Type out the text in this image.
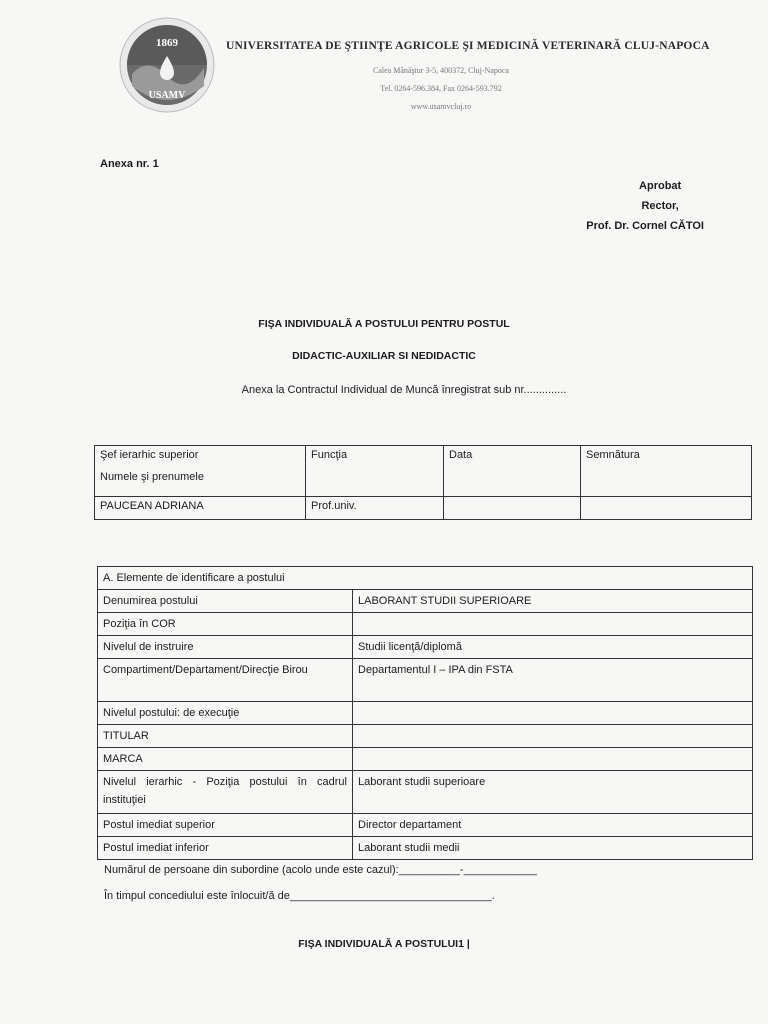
1869
USAMV
UNIVERSITATEA DE ŞTIINŢE AGRICOLE ŞI MEDICINĂ VETERINARĂ CLUJ-NAPOCA
Calea Mănăştur 3-5, 400372, Cluj-Napoca
Tel. 0264-596.384, Fax 0264-593.792
www.usamvcluj.ro
Anexa nr. 1
Aprobat
Rector,
Prof. Dr. Cornel CĂTOI
FIŞA INDIVIDUALĂ A POSTULUI PENTRU POSTUL
DIDACTIC-AUXILIAR SI NEDIDACTIC
Anexa la Contractul Individual de Muncă înregistrat sub nr..............
Şef ierarhic superior
Numele şi prenumele	Funcţia	Data	Semnătura
PAUCEAN ADRIANA	Prof.univ.		
A. Elemente de identificare a postului	
Denumirea postului	LABORANT STUDII SUPERIOARE
Poziţia în COR	
Nivelul de instruire	Studii licenţă/diplomă
Compartiment/Departament/Direcţie Birou	Departamentul I – IPA din FSTA
Nivelul postului: de execuţie	
TITULAR	
MARCA	
Nivelul ierarhic - Poziţia postului în cadrul instituţiei	Laborant studii superioare
Postul imediat superior	Director departament
Postul imediat inferior	Laborant studii medii
Numărul de persoane din subordine (acolo unde este cazul):__________-____________
În timpul concediului este înlocuit/ă de_________________________________.
FIŞA INDIVIDUALĂ A POSTULUI1 |
